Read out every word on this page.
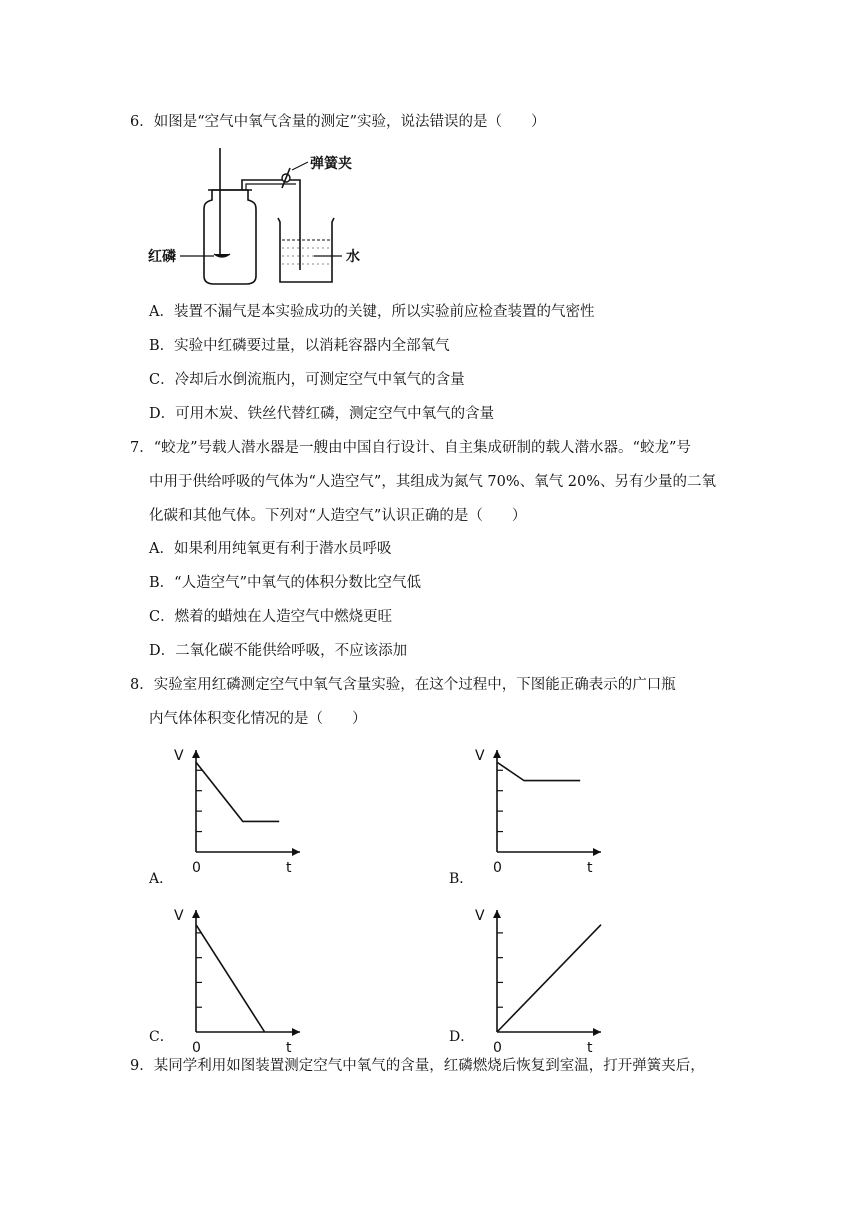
6．如图是“空气中氧气含量的测定”实验，说法错误的是（　　）
弹簧夹
红磷	水
A．装置不漏气是本实验成功的关键，所以实验前应检查装置的气密性
B．实验中红磷要过量，以消耗容器内全部氧气
C．冷却后水倒流瓶内，可测定空气中氧气的含量
D．可用木炭、铁丝代替红磷，测定空气中氧气的含量
7．“蛟龙”号载人潜水器是一艘由中国自行设计、自主集成研制的载人潜水器。“蛟龙”号
中用于供给呼吸的气体为“人造空气”，其组成为氮气 70%、氧气 20%、另有少量的二氧
化碳和其他气体。下列对“人造空气”认识正确的是（　　）
A．如果利用纯氧更有利于潜水员呼吸
B．“人造空气”中氧气的体积分数比空气低
C．燃着的蜡烛在人造空气中燃烧更旺
D．二氧化碳不能供给呼吸，不应该添加
8．实验室用红磷测定空气中氧气含量实验，在这个过程中，下图能正确表示的广口瓶
内气体体积变化情况的是（　　）
V
t
0
A．
V
t
0
B．
V
t
0
C．
V
t
0
D．
9．某同学利用如图装置测定空气中氧气的含量，红磷燃烧后恢复到室温，打开弹簧夹后，
